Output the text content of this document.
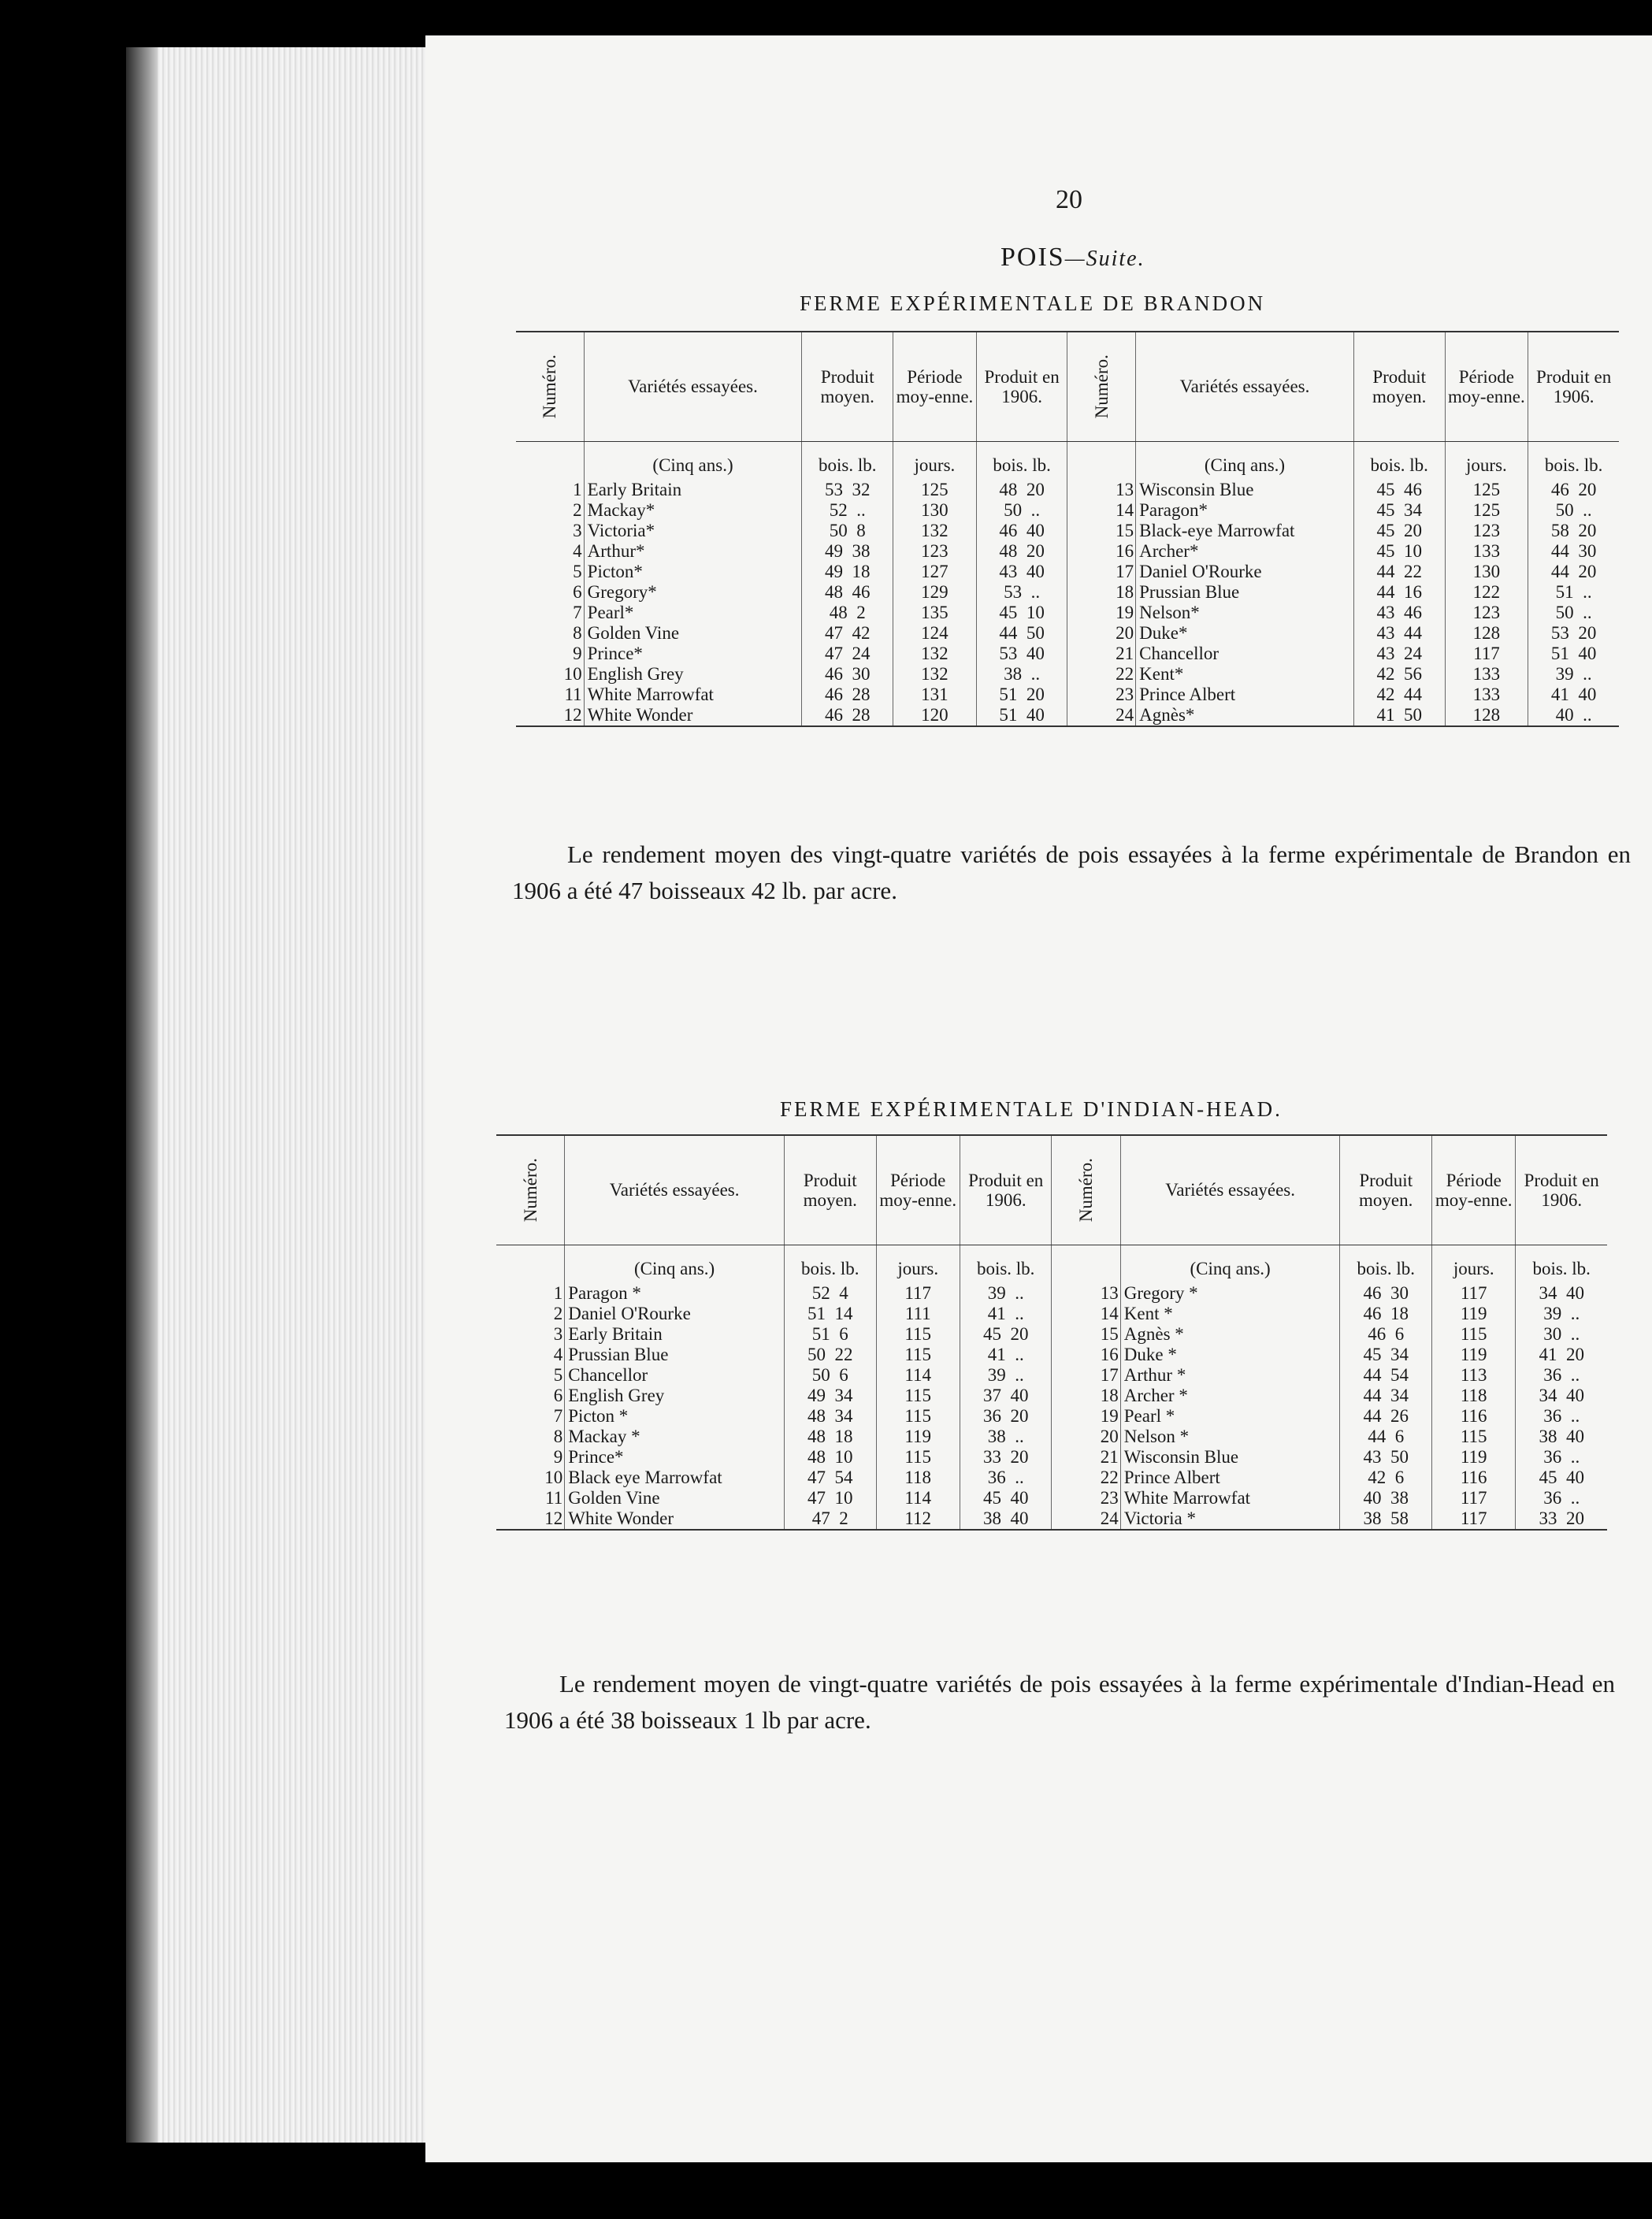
20
POIS—Suite.
FERME EXPÉRIMENTALE DE BRANDON
Numéro.	Variétés essayées.	Produit moyen.	Période moy-enne.	Produit en 1906.	Numéro.	Variétés essayées.	Produit moyen.	Période moy-enne.	Produit en 1906.
	(Cinq ans.)	bois. lb.	jours.	bois. lb.		(Cinq ans.)	bois. lb.	jours.	bois. lb.
1	Early Britain	53  32	125	48  20	13	Wisconsin Blue	45  46	125	46  20
2	Mackay*	52  ..	130	50  ..	14	Paragon*	45  34	125	50  ..
3	Victoria*	50  8	132	46  40	15	Black-eye Marrowfat	45  20	123	58  20
4	Arthur*	49  38	123	48  20	16	Archer*	45  10	133	44  30
5	Picton*	49  18	127	43  40	17	Daniel O'Rourke	44  22	130	44  20
6	Gregory*	48  46	129	53  ..	18	Prussian Blue	44  16	122	51  ..
7	Pearl*	48  2	135	45  10	19	Nelson*	43  46	123	50  ..
8	Golden Vine	47  42	124	44  50	20	Duke*	43  44	128	53  20
9	Prince*	47  24	132	53  40	21	Chancellor	43  24	117	51  40
10	English Grey	46  30	132	38  ..	22	Kent*	42  56	133	39  ..
11	White Marrowfat	46  28	131	51  20	23	Prince Albert	42  44	133	41  40
12	White Wonder	46  28	120	51  40	24	Agnès*	41  50	128	40  ..
Le rendement moyen des vingt-quatre variétés de pois essayées à la ferme expérimentale de Brandon en 1906 a été 47 boisseaux 42 lb. par acre.
FERME EXPÉRIMENTALE D'INDIAN-HEAD.
Numéro.	Variétés essayées.	Produit moyen.	Période moy-enne.	Produit en 1906.	Numéro.	Variétés essayées.	Produit moyen.	Période moy-enne.	Produit en 1906.
	(Cinq ans.)	bois. lb.	jours.	bois. lb.		(Cinq ans.)	bois. lb.	jours.	bois. lb.
1	Paragon *	52  4	117	39  ..	13	Gregory *	46  30	117	34  40
2	Daniel O'Rourke	51  14	111	41  ..	14	Kent *	46  18	119	39  ..
3	Early Britain	51  6	115	45  20	15	Agnès *	46  6	115	30  ..
4	Prussian Blue	50  22	115	41  ..	16	Duke *	45  34	119	41  20
5	Chancellor	50  6	114	39  ..	17	Arthur *	44  54	113	36  ..
6	English Grey	49  34	115	37  40	18	Archer *	44  34	118	34  40
7	Picton *	48  34	115	36  20	19	Pearl *	44  26	116	36  ..
8	Mackay *	48  18	119	38  ..	20	Nelson *	44  6	115	38  40
9	Prince*	48  10	115	33  20	21	Wisconsin Blue	43  50	119	36  ..
10	Black eye Marrowfat	47  54	118	36  ..	22	Prince Albert	42  6	116	45  40
11	Golden Vine	47  10	114	45  40	23	White Marrowfat	40  38	117	36  ..
12	White Wonder	47  2	112	38  40	24	Victoria *	38  58	117	33  20
Le rendement moyen de vingt-quatre variétés de pois essayées à la ferme expérimentale d'Indian-Head en 1906 a été 38 boisseaux 1 lb par acre.
